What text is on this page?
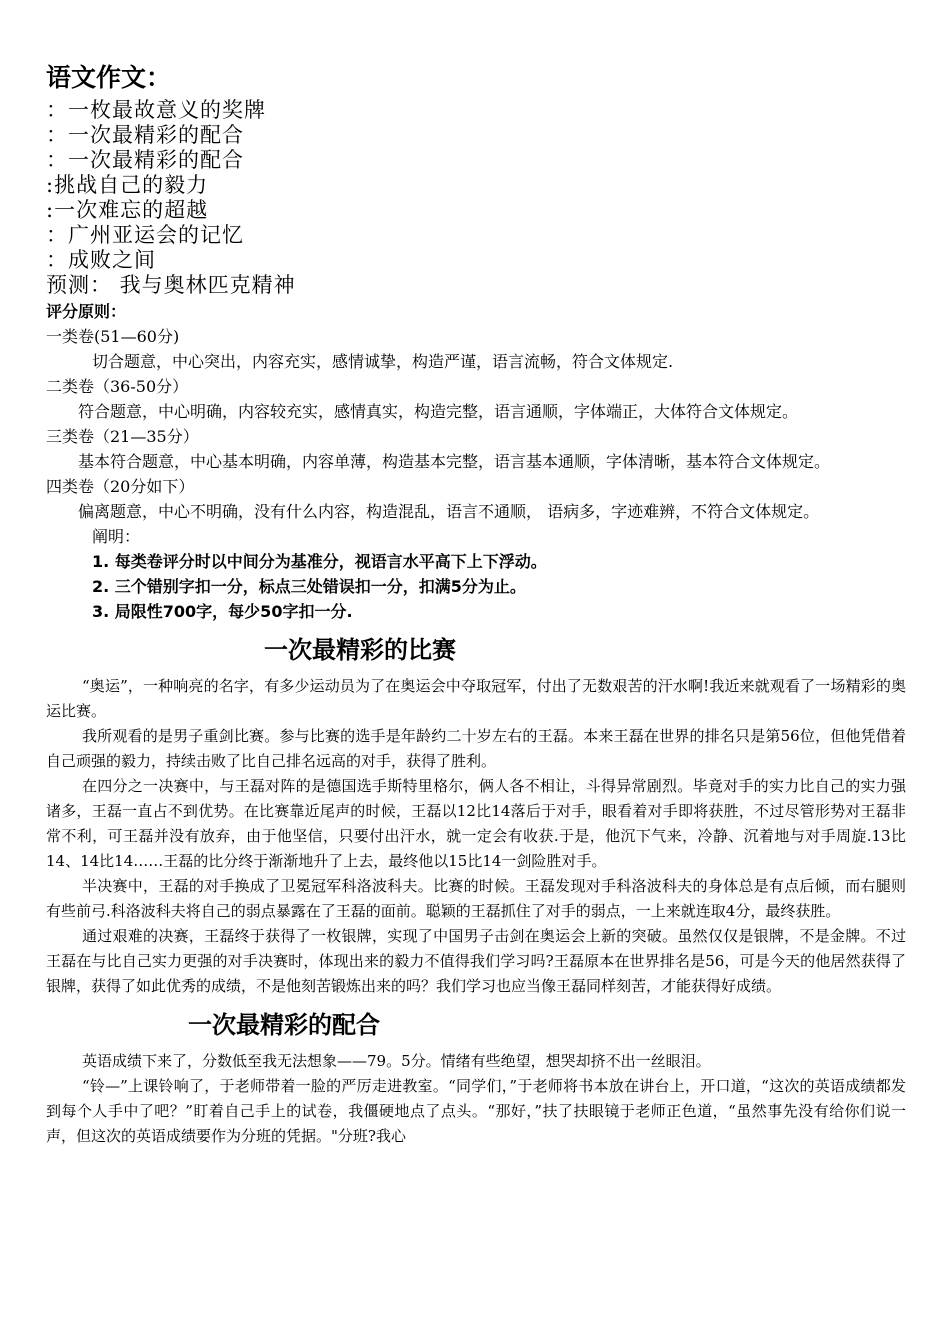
语文作文：

：一枚最故意义的奖牌

：一次最精彩的配合

：一次最精彩的配合

:挑战自己的毅力

:一次难忘的超越

：广州亚运会的记忆

：成败之间

预测： 我与奥林匹克精神

评分原则：

一类卷(51—60分)

切合题意，中心突出，内容充实，感情诚挚，构造严谨，语言流畅，符合文体规定.

二类卷（36-50分）

符合题意，中心明确，内容较充实，感情真实，构造完整，语言通顺，字体端正，大体符合文体规定。

三类卷（21—35分）

基本符合题意，中心基本明确，内容单薄，构造基本完整，语言基本通顺，字体清晰，基本符合文体规定。

四类卷（20分如下）

偏离题意，中心不明确，没有什么内容，构造混乱，语言不通顺， 语病多，字迹难辨，不符合文体规定。

阐明：

1. 每类卷评分时以中间分为基准分，视语言水平高下上下浮动。

2. 三个错别字扣一分，标点三处错误扣一分，扣满5分为止。

3. 局限性700字，每少50字扣一分.

一次最精彩的比赛

“奥运”，一种响亮的名字，有多少运动员为了在奥运会中夺取冠军，付出了无数艰苦的汗水啊!我近来就观看了一场精彩的奥运比赛。

我所观看的是男子重剑比赛。参与比赛的选手是年龄约二十岁左右的王磊。本来王磊在世界的排名只是第56位，但他凭借着自己顽强的毅力，持续击败了比自己排名远高的对手，获得了胜利。

在四分之一决赛中，与王磊对阵的是德国选手斯特里格尔，俩人各不相让，斗得异常剧烈。毕竟对手的实力比自己的实力强诸多，王磊一直占不到优势。在比赛靠近尾声的时候，王磊以12比14落后于对手，眼看着对手即将获胜，不过尽管形势对王磊非常不利，可王磊并没有放弃，由于他坚信，只要付出汗水，就一定会有收获.于是，他沉下气来，冷静、沉着地与对手周旋.13比14、14比14……王磊的比分终于渐渐地升了上去，最终他以15比14一剑险胜对手。

半决赛中，王磊的对手换成了卫冕冠军科洛波科夫。比赛的时候。王磊发现对手科洛波科夫的身体总是有点后倾，而右腿则有些前弓.科洛波科夫将自己的弱点暴露在了王磊的面前。聪颖的王磊抓住了对手的弱点，一上来就连取4分，最终获胜。

通过艰难的决赛，王磊终于获得了一枚银牌，实现了中国男子击剑在奥运会上新的突破。虽然仅仅是银牌，不是金牌。不过王磊在与比自己实力更强的对手决赛时，体现出来的毅力不值得我们学习吗?王磊原本在世界排名是56，可是今天的他居然获得了银牌，获得了如此优秀的成绩，不是他刻苦锻炼出来的吗？我们学习也应当像王磊同样刻苦，才能获得好成绩。

一次最精彩的配合

英语成绩下来了，分数低至我无法想象——79。5分。情绪有些绝望，想哭却挤不出一丝眼泪。

“铃—”上课铃响了，于老师带着一脸的严厉走进教室。“同学们，”于老师将书本放在讲台上，开口道，“这次的英语成绩都发到每个人手中了吧？”盯着自己手上的试卷，我僵硬地点了点头。“那好，”扶了扶眼镜于老师正色道，“虽然事先没有给你们说一声，但这次的英语成绩要作为分班的凭据。"分班?我心
